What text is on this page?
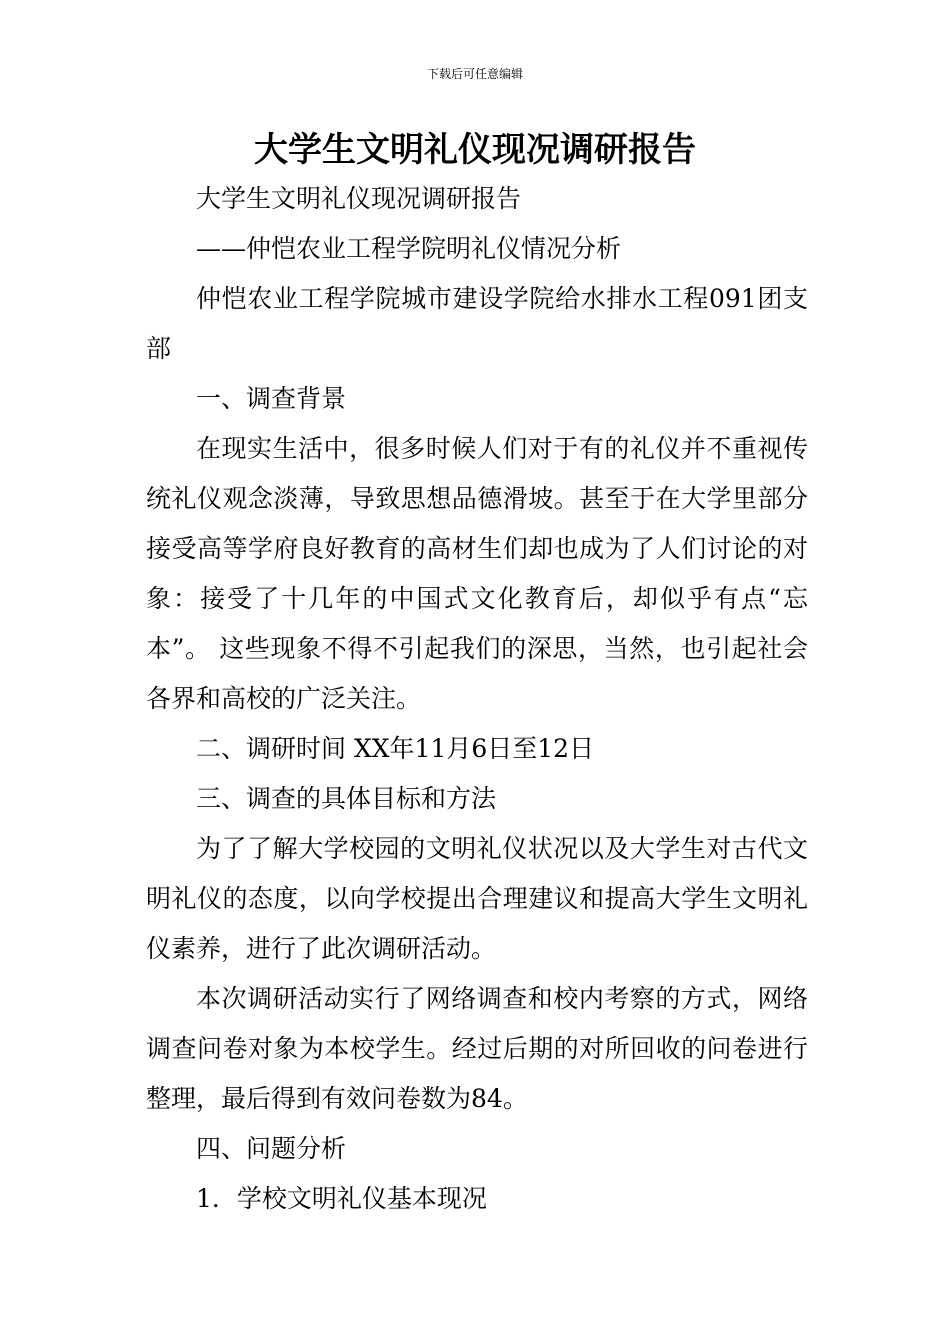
下载后可任意编辑
大学生文明礼仪现况调研报告

大学生文明礼仪现况调研报告

——仲恺农业工程学院明礼仪情况分析

仲恺农业工程学院城市建设学院给水排水工程091团支部

一、调查背景

在现实生活中，很多时候人们对于有的礼仪并不重视传统礼仪观念淡薄，导致思想品德滑坡。甚至于在大学里部分接受高等学府良好教育的高材生们却也成为了人们讨论的对象：接受了十几年的中国式文化教育后，却似乎有点“忘本”。 这些现象不得不引起我们的深思，当然，也引起社会各界和高校的广泛关注。

二、调研时间 XX年11月6日至12日

三、调查的具体目标和方法

为了了解大学校园的文明礼仪状况以及大学生对古代文明礼仪的态度，以向学校提出合理建议和提高大学生文明礼仪素养，进行了此次调研活动。

本次调研活动实行了网络调查和校内考察的方式，网络调查问卷对象为本校学生。经过后期的对所回收的问卷进行整理，最后得到有效问卷数为84。

四、问题分析

1．学校文明礼仪基本现况
